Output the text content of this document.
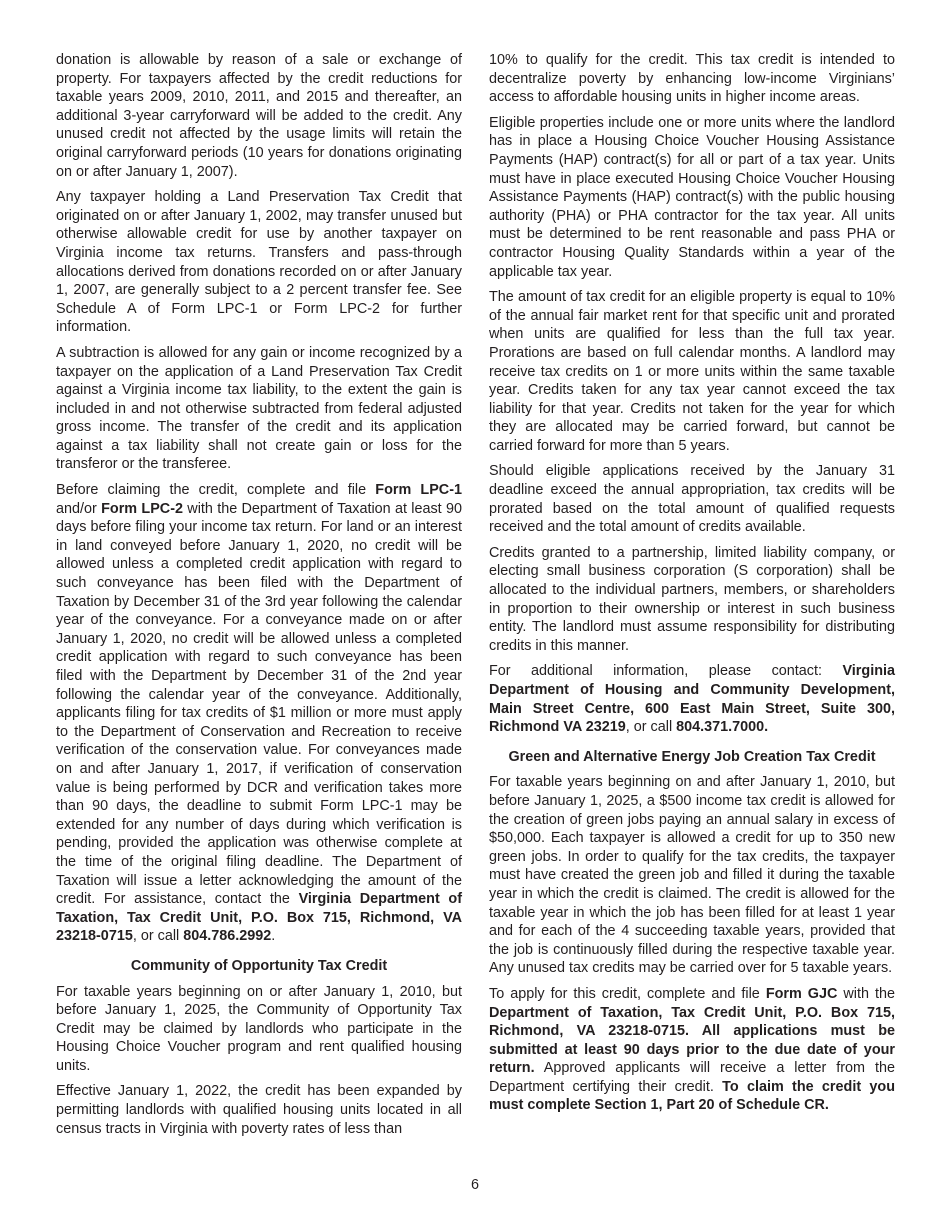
donation is allowable by reason of a sale or exchange of property. For taxpayers affected by the credit reductions for taxable years 2009, 2010, 2011, and 2015 and thereafter, an additional 3-year carryforward will be added to the credit. Any unused credit not affected by the usage limits will retain the original carryforward periods (10 years for donations originating on or after January 1, 2007).

Any taxpayer holding a Land Preservation Tax Credit that originated on or after January 1, 2002, may transfer unused but otherwise allowable credit for use by another taxpayer on Virginia income tax returns. Transfers and pass-through allocations derived from donations recorded on or after January 1, 2007, are generally subject to a 2 percent transfer fee. See Schedule A of Form LPC-1 or Form LPC-2 for further information.

A subtraction is allowed for any gain or income recognized by a taxpayer on the application of a Land Preservation Tax Credit against a Virginia income tax liability, to the extent the gain is included in and not otherwise subtracted from federal adjusted gross income. The transfer of the credit and its application against a tax liability shall not create gain or loss for the transferor or the transferee.

Before claiming the credit, complete and file Form LPC-1 and/or Form LPC-2 with the Department of Taxation at least 90 days before filing your income tax return. For land or an interest in land conveyed before January 1, 2020, no credit will be allowed unless a completed credit application with regard to such conveyance has been filed with the Department of Taxation by December 31 of the 3rd year following the calendar year of the conveyance. For a conveyance made on or after January 1, 2020, no credit will be allowed unless a completed credit application with regard to such conveyance has been filed with the Department by December 31 of the 2nd year following the calendar year of the conveyance. Additionally, applicants filing for tax credits of $1 million or more must apply to the Department of Conservation and Recreation to receive verification of the conservation value. For conveyances made on and after January 1, 2017, if verification of conservation value is being performed by DCR and verification takes more than 90 days, the deadline to submit Form LPC-1 may be extended for any number of days during which verification is pending, provided the application was otherwise complete at the time of the original filing deadline. The Department of Taxation will issue a letter acknowledging the amount of the credit. For assistance, contact the Virginia Department of Taxation, Tax Credit Unit, P.O. Box 715, Richmond, VA 23218-0715, or call 804.786.2992.

Community of Opportunity Tax Credit

For taxable years beginning on or after January 1, 2010, but before January 1, 2025, the Community of Opportunity Tax Credit may be claimed by landlords who participate in the Housing Choice Voucher program and rent qualified housing units.

Effective January 1, 2022, the credit has been expanded by permitting landlords with qualified housing units located in all census tracts in Virginia with poverty rates of less than

10% to qualify for the credit. This tax credit is intended to decentralize poverty by enhancing low-income Virginians’ access to affordable housing units in higher income areas.

Eligible properties include one or more units where the landlord has in place a Housing Choice Voucher Housing Assistance Payments (HAP) contract(s) for all or part of a tax year. Units must have in place executed Housing Choice Voucher Housing Assistance Payments (HAP) contract(s) with the public housing authority (PHA) or PHA contractor for the tax year. All units must be determined to be rent reasonable and pass PHA or contractor Housing Quality Standards within a year of the applicable tax year.

The amount of tax credit for an eligible property is equal to 10% of the annual fair market rent for that specific unit and prorated when units are qualified for less than the full tax year. Prorations are based on full calendar months. A landlord may receive tax credits on 1 or more units within the same taxable year. Credits taken for any tax year cannot exceed the tax liability for that year. Credits not taken for the year for which they are allocated may be carried forward, but cannot be carried forward for more than 5 years.

Should eligible applications received by the January 31 deadline exceed the annual appropriation, tax credits will be prorated based on the total amount of qualified requests received and the total amount of credits available.

Credits granted to a partnership, limited liability company, or electing small business corporation (S corporation) shall be allocated to the individual partners, members, or shareholders in proportion to their ownership or interest in such business entity. The landlord must assume responsibility for distributing credits in this manner.

For additional information, please contact: Virginia Department of Housing and Community Development, Main Street Centre, 600 East Main Street, Suite 300, Richmond VA 23219, or call 804.371.7000.

Green and Alternative Energy Job Creation Tax Credit

For taxable years beginning on and after January 1, 2010, but before January 1, 2025, a $500 income tax credit is allowed for the creation of green jobs paying an annual salary in excess of $50,000. Each taxpayer is allowed a credit for up to 350 new green jobs. In order to qualify for the tax credits, the taxpayer must have created the green job and filled it during the taxable year in which the credit is claimed. The credit is allowed for the taxable year in which the job has been filled for at least 1 year and for each of the 4 succeeding taxable years, provided that the job is continuously filled during the respective taxable year. Any unused tax credits may be carried over for 5 taxable years.

To apply for this credit, complete and file Form GJC with the Department of Taxation, Tax Credit Unit, P.O. Box 715, Richmond, VA 23218-0715. All applications must be submitted at least 90 days prior to the due date of your return. Approved applicants will receive a letter from the Department certifying their credit. To claim the credit you must complete Section 1, Part 20 of Schedule CR.

6
